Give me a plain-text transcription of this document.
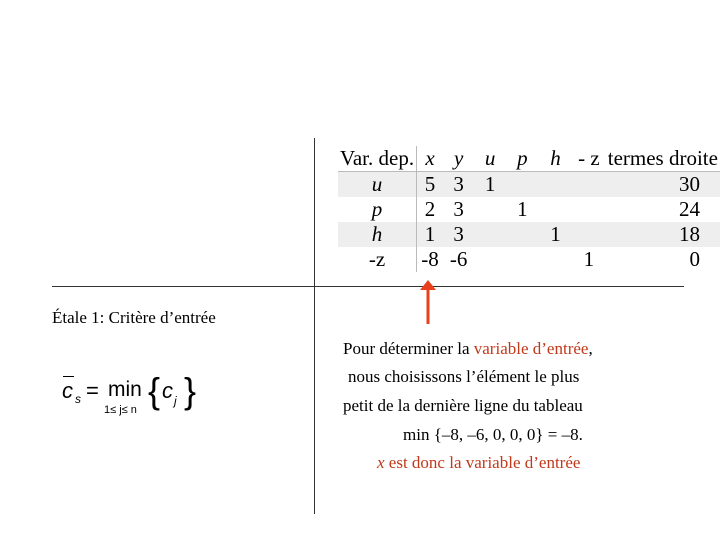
Var. dep.	x	y	u	p	h	- z	termes droite
u	5	3	1				30
p	2	3		1			24
h	1	3			1		18
-z	-8	-6				1	0
Étale 1: Critère d’entrée
c s = min
1≤ j≤ n { c j }
Pour déterminer la variable d’entrée,
nous choisissons l’élément le plus
petit de la dernière ligne du tableau
min {–8, –6, 0, 0, 0} = –8.
x est donc la variable d’entrée
